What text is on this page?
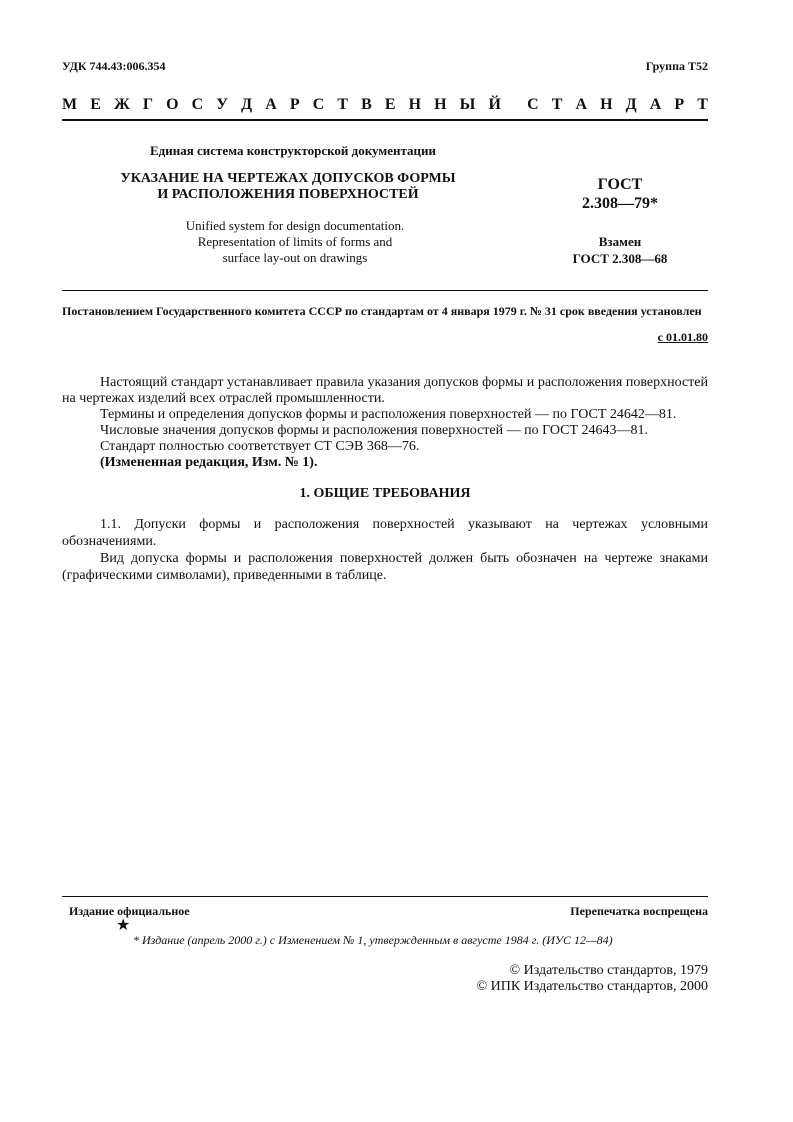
УДК 744.43:006.354	Группа Т52
М Е Ж Г О С У Д А Р С Т В Е Н Н Ы Й С Т А Н Д А Р Т
Единая система конструкторской документации
УКАЗАНИЕ НА ЧЕРТЕЖАХ ДОПУСКОВ ФОРМЫ
И РАСПОЛОЖЕНИЯ ПОВЕРХНОСТЕЙ
Unified system for design documentation.
Representation of limits of forms and
surface lay-out on drawings
ГОСТ
2.308—79*
Взамен
ГОСТ 2.308—68
Постановлением Государственного комитета СССР по стандартам от 4 января 1979 г. № 31 срок введения установлен
с 01.01.80

Настоящий стандарт устанавливает правила указания допусков формы и расположения поверхностей на чертежах изделий всех отраслей промышленности.

Термины и определения допусков формы и расположения поверхностей — по ГОСТ 24642—81.

Числовые значения допусков формы и расположения поверхностей — по ГОСТ 24643—81.

Стандарт полностью соответствует СТ СЭВ 368—76.

(Измененная редакция, Изм. № 1).

1. ОБЩИЕ ТРЕБОВАНИЯ

1.1. Допуски формы и расположения поверхностей указывают на чертежах условными обозначениями.

Вид допуска формы и расположения поверхностей должен быть обозначен на чертеже знаками (графическими символами), приведенными в таблице.

Издание официальное	Перепечатка воспрещена
★
* Издание (апрель 2000 г.) с Изменением № 1, утвержденным в августе 1984 г. (ИУС 12—84)
© Издательство стандартов, 1979
© ИПК Издательство стандартов, 2000
